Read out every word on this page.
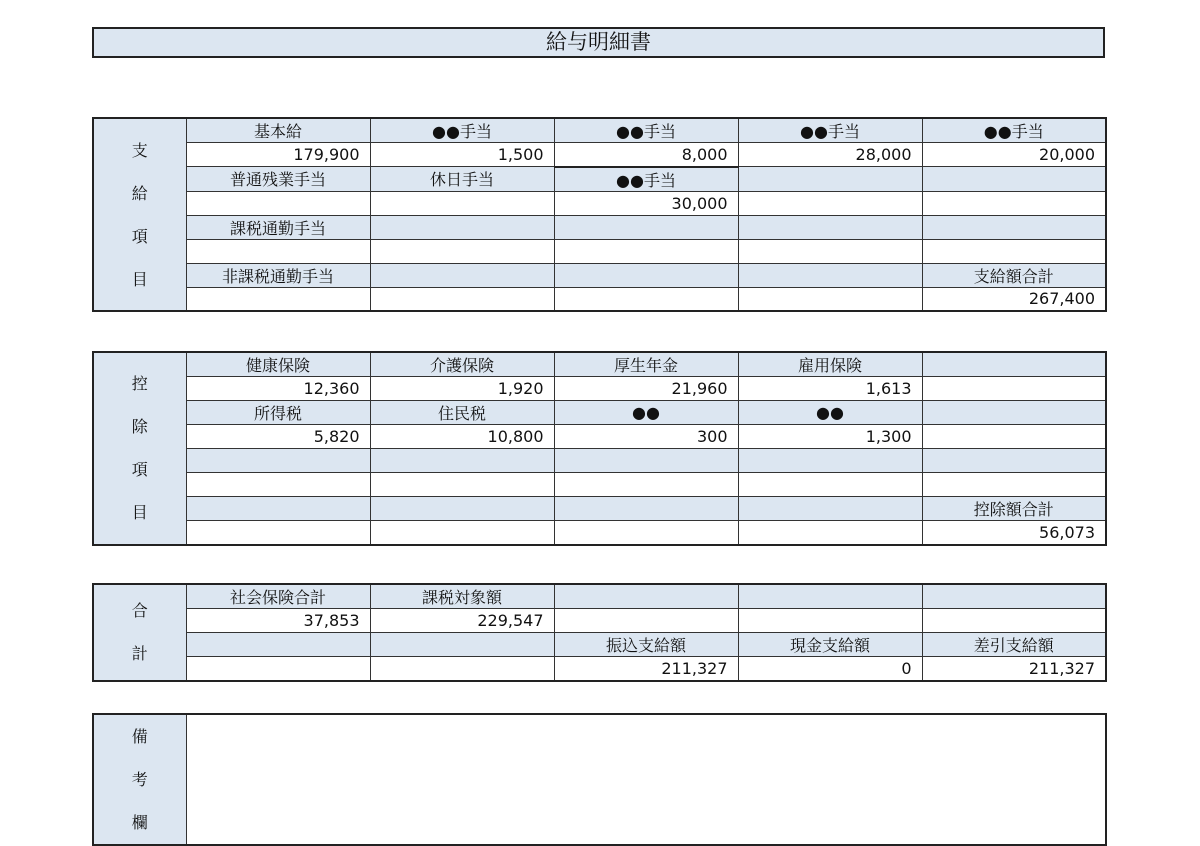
給与明細書
支
給
項
目	基本給	●●手当	●●手当	●●手当	●●手当
	179,900	1,500	8,000	28,000	20,000
	普通残業手当	休日手当	●●手当		
			30,000		
	課税通勤手当				

	非課税通勤手当				支給額合計
					267,400
控
除
項
目	健康保険	介護保険	厚生年金	雇用保険	
	12,360	1,920	21,960	1,613	
	所得税	住民税	●●	●●	
	5,820	10,800	300	1,300	

					控除額合計
					56,073
合
計	社会保険合計	課税対象額			
	37,853	229,547			
			振込支給額	現金支給額	差引支給額
			211,327	0	211,327
備
考
欄
